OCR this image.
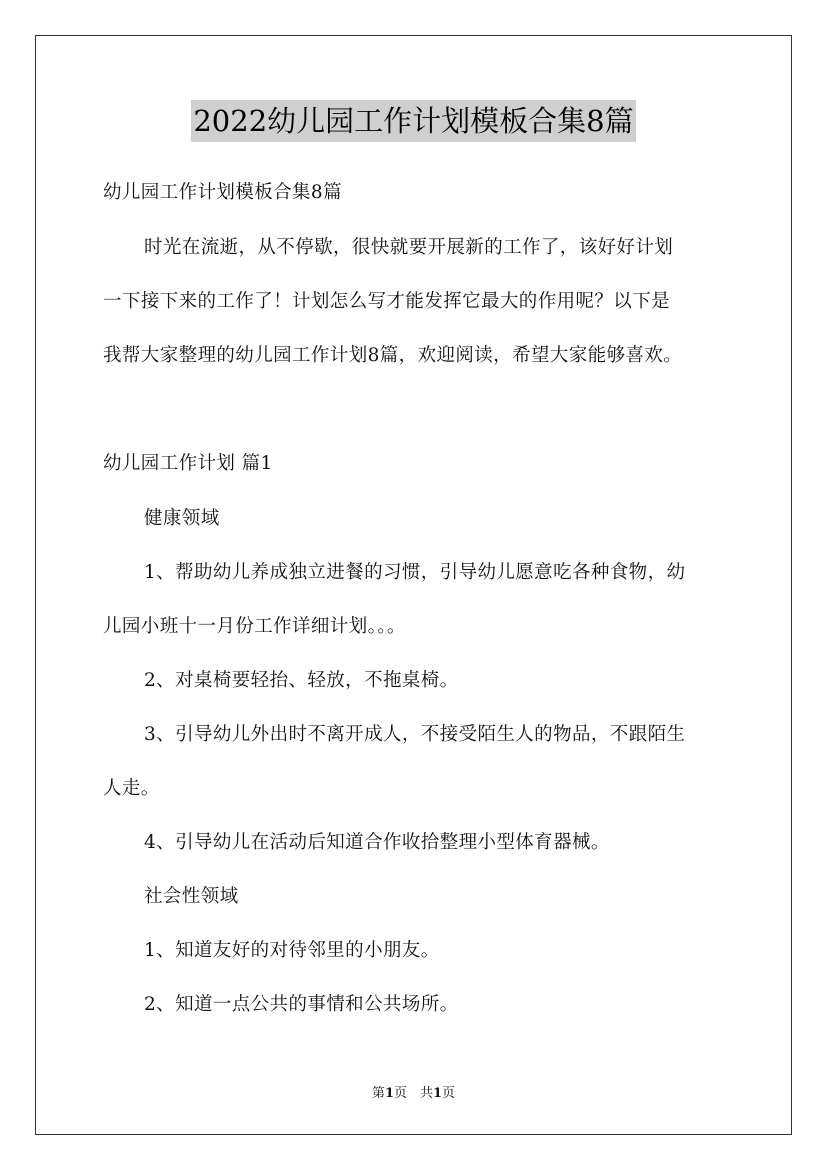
2022幼儿园工作计划模板合集8篇
幼儿园工作计划模板合集8篇
时光在流逝，从不停歇，很快就要开展新的工作了，该好好计划
一下接下来的工作了！计划怎么写才能发挥它最大的作用呢？以下是
我帮大家整理的幼儿园工作计划8篇，欢迎阅读，希望大家能够喜欢。
幼儿园工作计划 篇1
健康领域
1、帮助幼儿养成独立进餐的习惯，引导幼儿愿意吃各种食物，幼
儿园小班十一月份工作详细计划。。。
2、对桌椅要轻抬、轻放，不拖桌椅。
3、引导幼儿外出时不离开成人，不接受陌生人的物品，不跟陌生
人走。
4、引导幼儿在活动后知道合作收拾整理小型体育器械。
社会性领域
1、知道友好的对待邻里的小朋友。
2、知道一点公共的事情和公共场所。
第1页　共1页
